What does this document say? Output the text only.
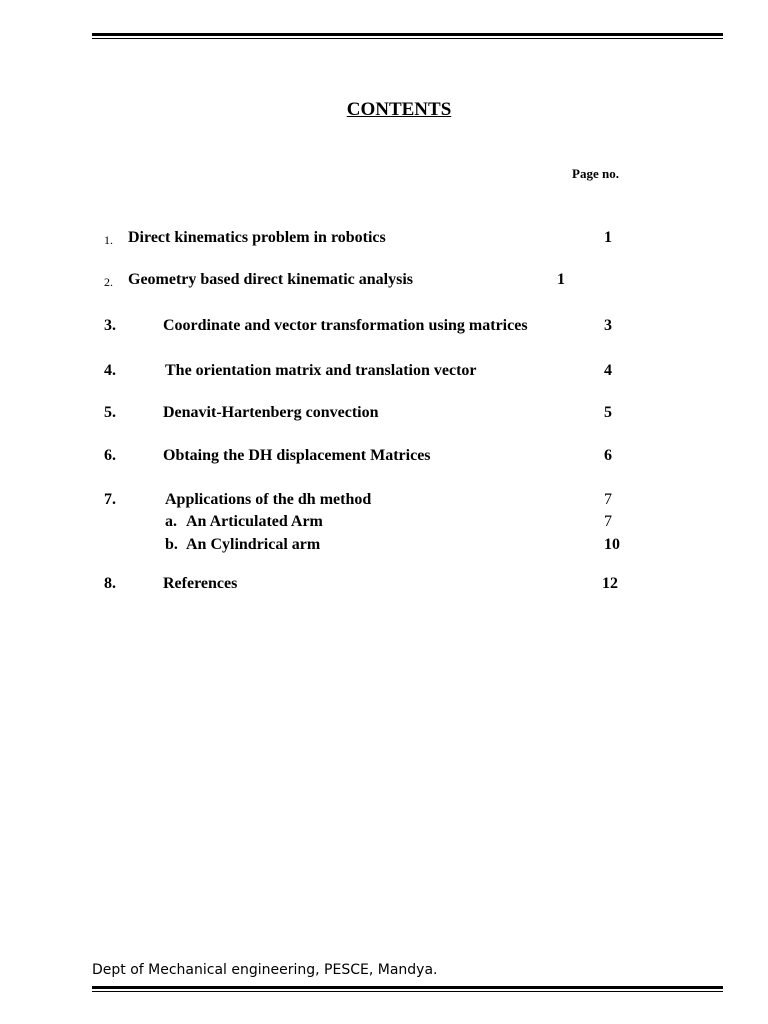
CONTENTS
Page no.
1. Direct kinematics problem in robotics	1
2. Geometry based direct kinematic analysis	1
3.	Coordinate and vector transformation using matrices	3
4.	The orientation matrix and translation vector	4
5.	Denavit-Hartenberg convection	5
6.	Obtaing the DH displacement Matrices	6
7.	Applications of the dh method	7
a. An Articulated Arm	7
b. An Cylindrical arm	10
8.	References	12
Dept of Mechanical engineering, PESCE, Mandya.
